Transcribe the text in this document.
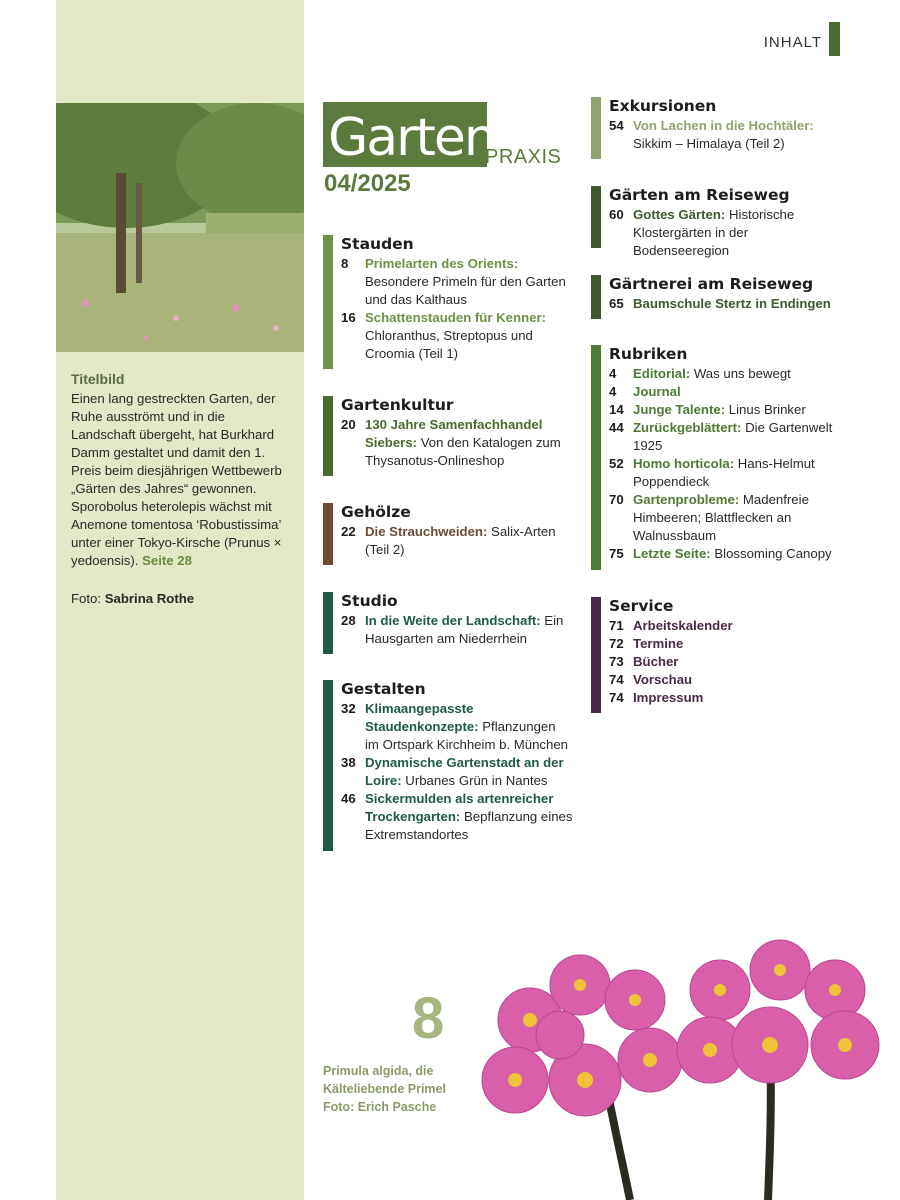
Titelbild
Einen lang gestreckten Garten, der Ruhe ausströmt und in die Landschaft übergeht, hat Burkhard Damm gestaltet und damit den 1. Preis beim diesjährigen Wettbewerb „Gärten des Jahres“ gewonnen. Sporobolus heterolepis wächst mit Anemone tomentosa ‘Robustissima’ unter einer Tokyo-Kirsche (Prunus × yedoensis). Seite 28
Foto: Sabrina Rothe
INHALT
Garten
PRAXIS
04/2025
Stauden
8	Primelarten des Orients: Besondere Primeln für den Garten und das Kalthaus
16 Schattenstauden für Kenner: Chloranthus, Streptopus und Croomia (Teil 1)
Gartenkultur
20 130 Jahre Samenfachhandel Siebers: Von den Katalogen zum Thysanotus-Onlineshop
Gehölze
22 Die Strauchweiden: Salix-Arten (Teil 2)
Studio
28 In die Weite der Landschaft: Ein Hausgarten am Niederrhein
Gestalten
32 Klimaangepasste Staudenkonzepte: Pflanzungen im Ortspark Kirchheim b. München
38 Dynamische Gartenstadt an der Loire: Urbanes Grün in Nantes
46 Sickermulden als artenreicher Trockengarten: Bepflanzung eines Extremstandortes
Exkursionen
54 Von Lachen in die Hochtäler: Sikkim – Himalaya (Teil 2)
Gärten am Reiseweg
60 Gottes Gärten: Historische Klostergärten in der Bodenseeregion
Gärtnerei am Reiseweg
65 Baumschule Stertz in Endingen
Rubriken
4	Editorial: Was uns bewegt
4	Journal
14 Junge Talente: Linus Brinker
44 Zurückgeblättert: Die Gartenwelt 1925
52 Homo horticola: Hans-Helmut Poppendieck
70 Gartenprobleme: Madenfreie Himbeeren; Blattflecken an Walnussbaum
75 Letzte Seite: Blossoming Canopy
Service
71 Arbeitskalender
72 Termine
73 Bücher
74 Vorschau
74 Impressum
8
Primula algida, die
Kälteliebende Primel
Foto: Erich Pasche
